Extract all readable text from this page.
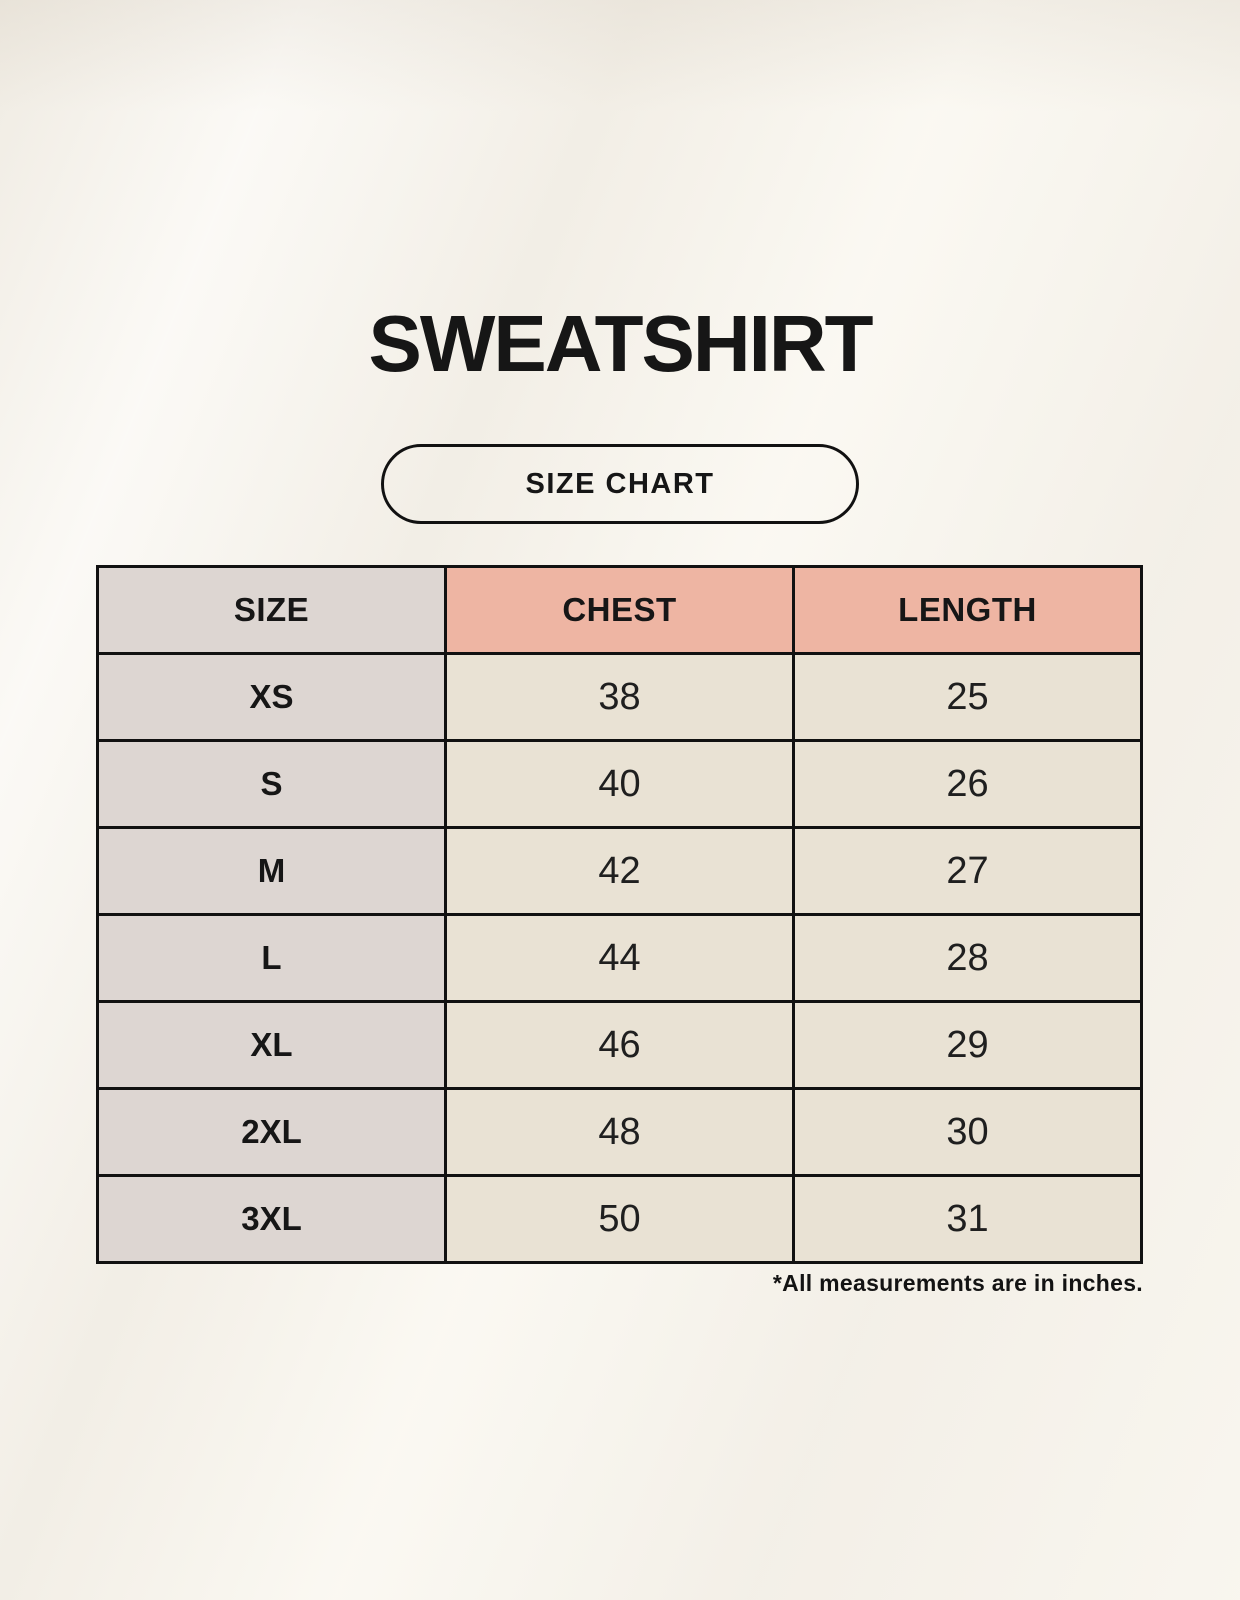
SWEATSHIRT
SIZE CHART
SIZE	CHEST	LENGTH
XS	38	25
S	40	26
M	42	27
L	44	28
XL	46	29
2XL	48	30
3XL	50	31
*All measurements are in inches.
